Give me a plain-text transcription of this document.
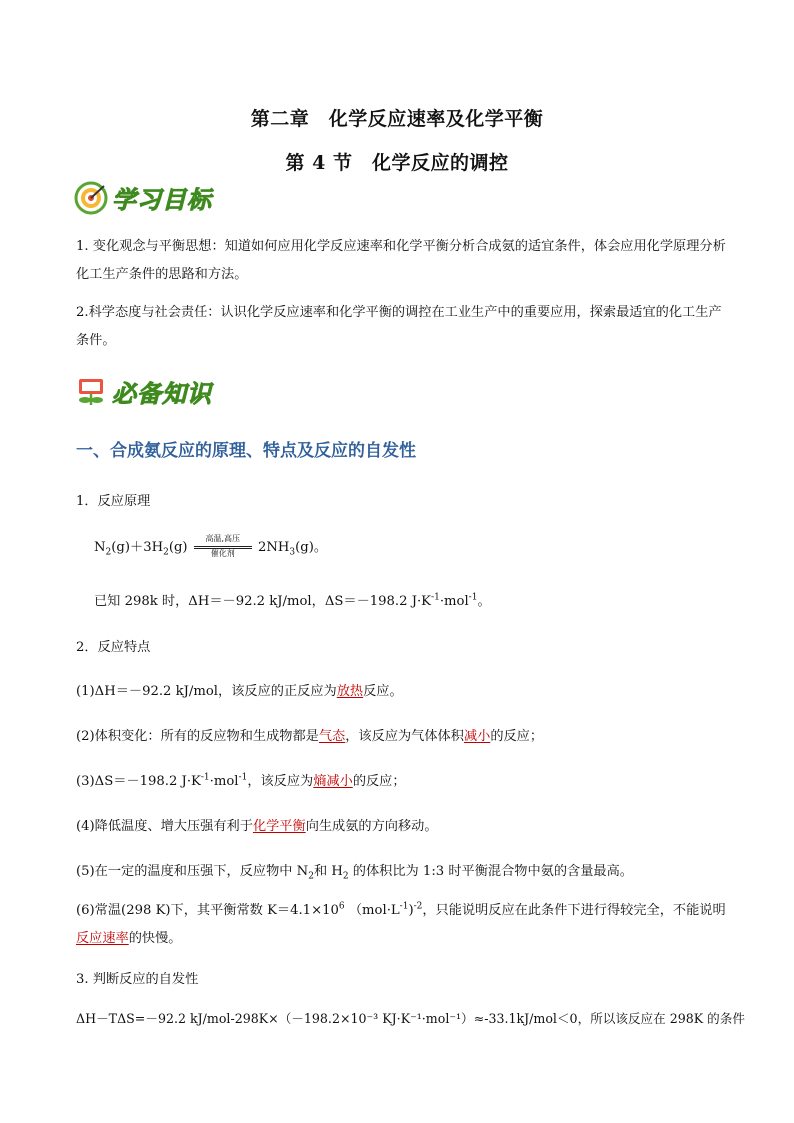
第二章　化学反应速率及化学平衡
第 4 节　化学反应的调控
学习目标
1. 变化观念与平衡思想：知道如何应用化学反应速率和化学平衡分析合成氨的适宜条件，体会应用化学原理分析化工生产条件的思路和方法。
2.科学态度与社会责任：认识化学反应速率和化学平衡的调控在工业生产中的重要应用，探索最适宜的化工生产条件。
必备知识
一、合成氨反应的原理、特点及反应的自发性
1．反应原理
$N_2(g)+3H_2(g)$
高温,高压
催化剂	$2NH_3(g)$。
已知 298k 时，ΔH＝－92.2 kJ/mol，ΔS＝－198.2 $J\cdot K^{-1}\cdot mol^{-1}$。
2．反应特点
(1)ΔH＝－92.2 kJ/mol，该反应的正反应为放热反应。
(2)体积变化：所有的反应物和生成物都是气态，该反应为气体体积减小的反应；
(3)ΔS＝－198.2 $J\cdot K^{-1}\cdot mol^{-1}$，该反应为熵减小的反应；
(4)降低温度、增大压强有利于化学平衡向生成氨的方向移动。
(5)在一定的温度和压强下，反应物中 $N_2$和 $H_2$ 的体积比为 1:3 时平衡混合物中氨的含量最高。
(6)常温(298 K)下，其平衡常数 $K=4.1\times 10^6$ $(mol\cdot L^{-1})^{-2}$，只能说明反应在此条件下进行得较完全，不能说明反应速率的快慢。
3. 判断反应的自发性
ΔH－TΔS=－92.2 kJ/mol-298K×（－198.2×10⁻³ KJ·K⁻¹·mol⁻¹）≈-33.1kJ/mol＜0，所以该反应在 298K 的条件
